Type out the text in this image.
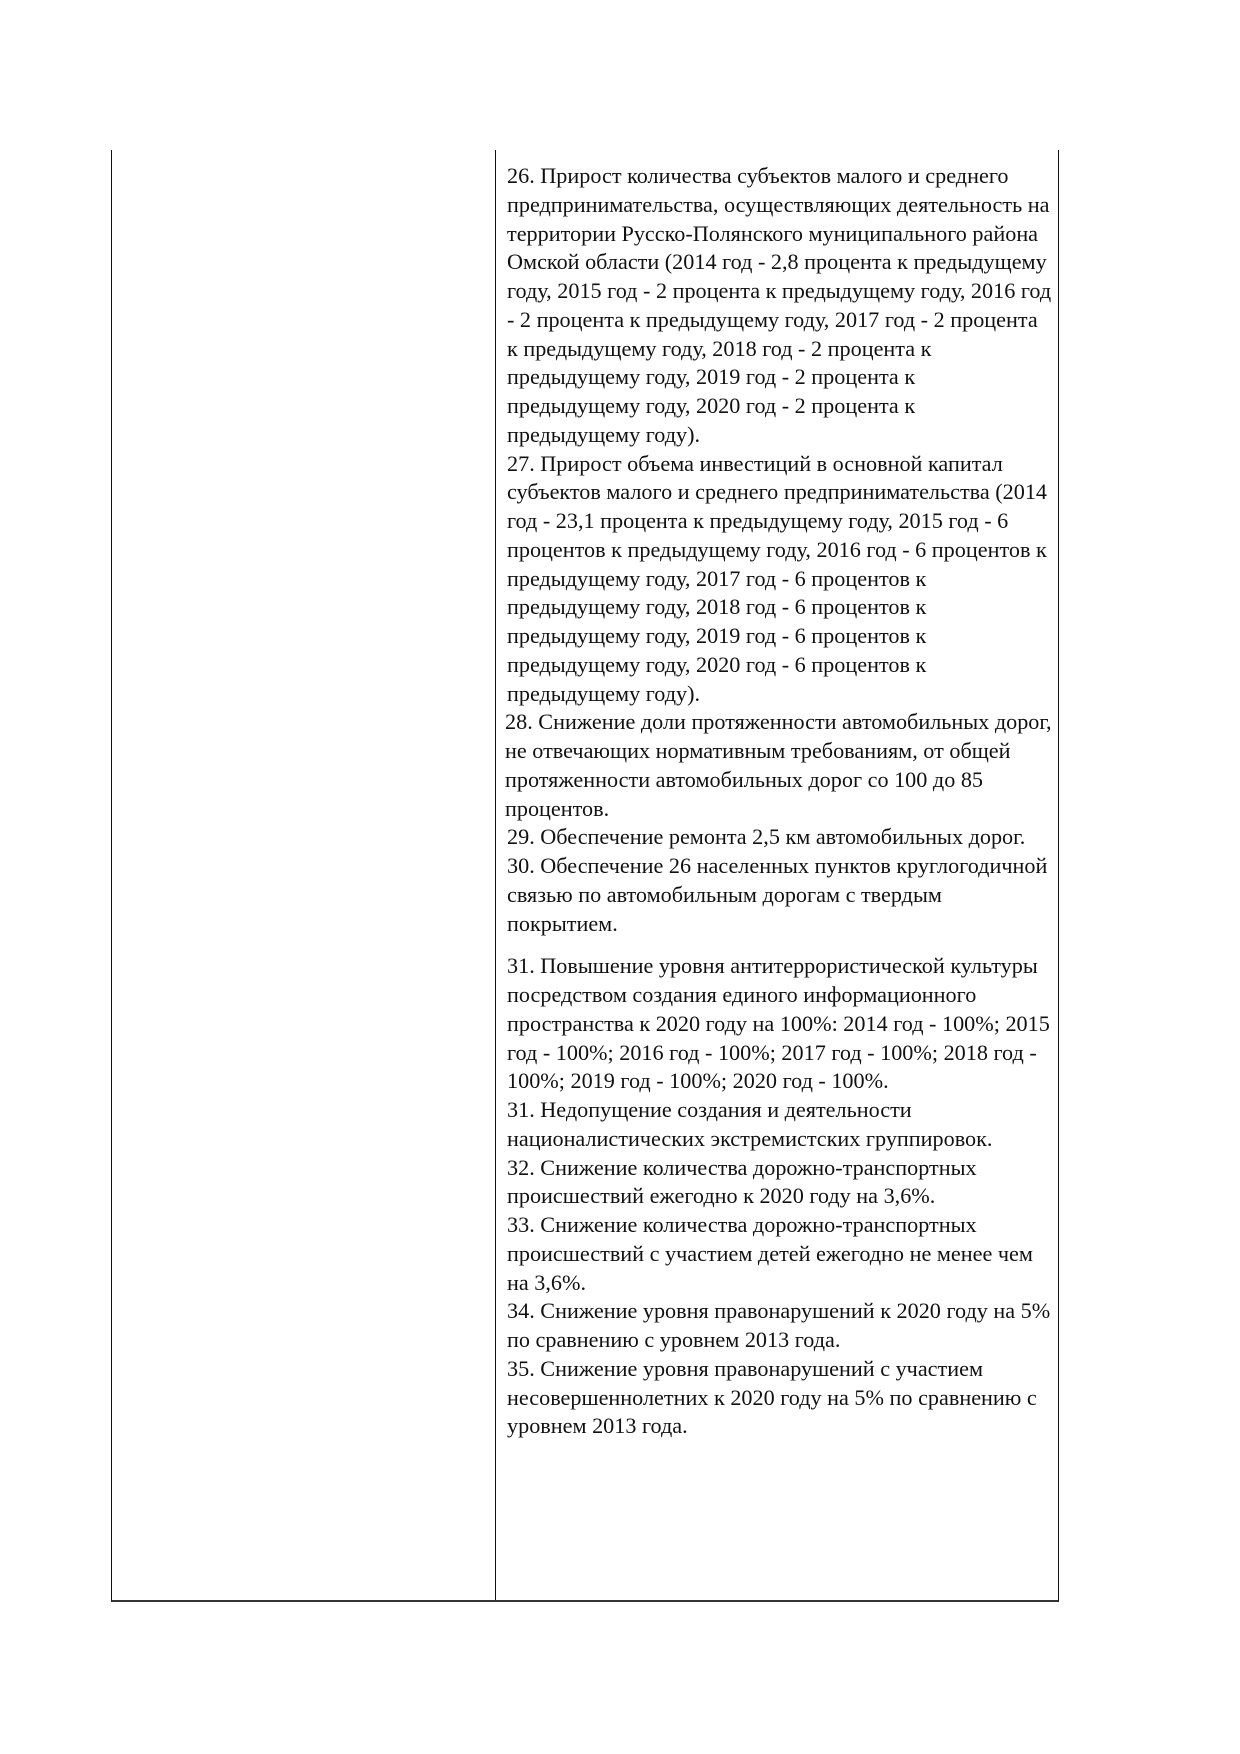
26. Прирост количества субъектов малого и среднего предпринимательства, осуществляющих деятельность на территории Русско-Полянского муниципального района Омской области (2014 год - 2,8 процента к предыдущему году, 2015 год - 2 процента к предыдущему году, 2016 год - 2 процента к предыдущему году, 2017 год - 2 процента к предыдущему году, 2018 год - 2 процента к предыдущему году, 2019 год - 2 процента к предыдущему году, 2020 год - 2 процента к предыдущему году).

27. Прирост объема инвестиций в основной капитал субъектов малого и среднего предпринимательства (2014 год - 23,1 процента к предыдущему году, 2015 год - 6 процентов к предыдущему году, 2016 год - 6 процентов к предыдущему году, 2017 год - 6 процентов к предыдущему году, 2018 год - 6 процентов к предыдущему году, 2019 год - 6 процентов к предыдущему году, 2020 год - 6 процентов к предыдущему году).

28. Снижение доли протяженности автомобильных дорог, не отвечающих нормативным требованиям, от общей протяженности автомобильных дорог со 100 до 85 процентов.

29. Обеспечение ремонта 2,5 км автомобильных дорог.

30. Обеспечение 26 населенных пунктов круглогодичной связью по автомобильным дорогам с твердым покрытием.

31. Повышение уровня антитеррористической культуры посредством создания единого информационного пространства к 2020 году на 100%: 2014 год - 100%; 2015 год - 100%; 2016 год - 100%; 2017 год - 100%; 2018 год - 100%; 2019 год - 100%; 2020 год - 100%.

31. Недопущение создания и деятельности националистических экстремистских группировок.

32. Снижение количества дорожно-транспортных происшествий ежегодно к 2020 году на 3,6%.

33. Снижение количества дорожно-транспортных происшествий с участием детей ежегодно не менее чем на 3,6%.

34. Снижение уровня правонарушений к 2020 году на 5% по сравнению с уровнем 2013 года.

35. Снижение уровня правонарушений с участием несовершеннолетних к 2020 году на 5% по сравнению с уровнем 2013 года.
